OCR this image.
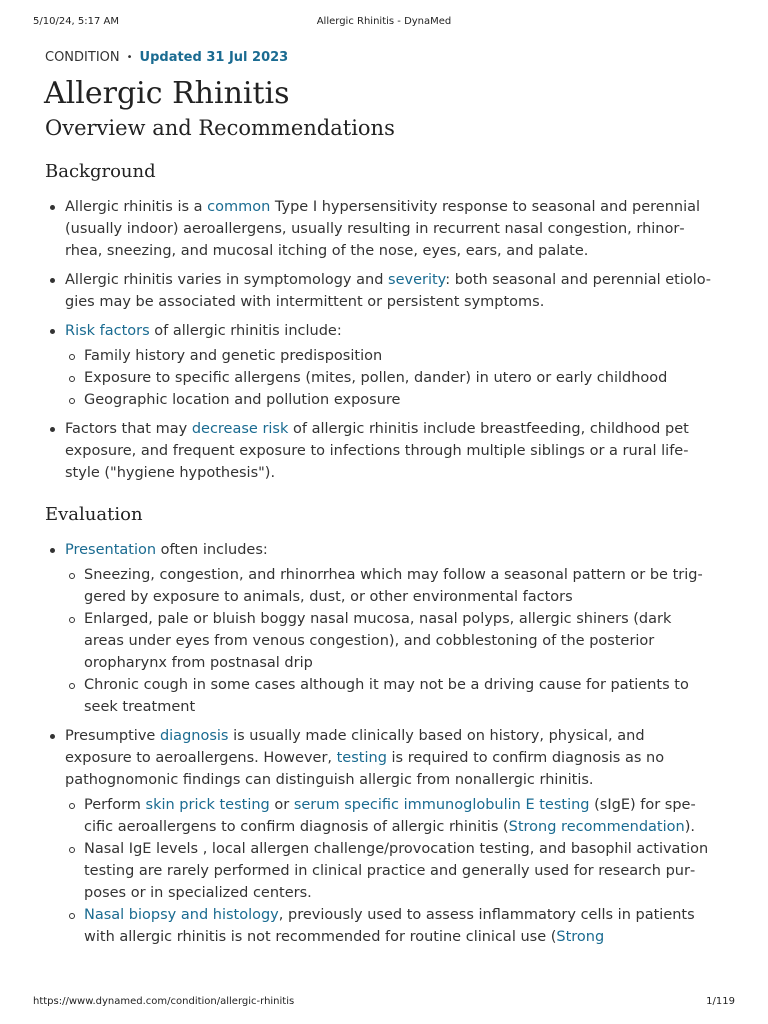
5/10/24, 5:17 AM	Allergic Rhinitis - DynaMed
CONDITION • Updated 31 Jul 2023
Allergic Rhinitis
Overview and Recommendations
Background
Allergic rhinitis is a common Type I hypersensitivity response to seasonal and perennial (usually indoor) aeroallergens, usually resulting in recurrent nasal congestion, rhinorrhea, sneezing, and mucosal itching of the nose, eyes, ears, and palate.
Allergic rhinitis varies in symptomology and severity: both seasonal and perennial etiologies may be associated with intermittent or persistent symptoms.
Risk factors of allergic rhinitis include:
Family history and genetic predisposition
Exposure to specific allergens (mites, pollen, dander) in utero or early childhood
Geographic location and pollution exposure
Factors that may decrease risk of allergic rhinitis include breastfeeding, childhood pet exposure, and frequent exposure to infections through multiple siblings or a rural lifestyle ("hygiene hypothesis").
Evaluation
Presentation often includes:
Sneezing, congestion, and rhinorrhea which may follow a seasonal pattern or be triggered by exposure to animals, dust, or other environmental factors
Enlarged, pale or bluish boggy nasal mucosa, nasal polyps, allergic shiners (dark areas under eyes from venous congestion), and cobblestoning of the posterior oropharynx from postnasal drip
Chronic cough in some cases although it may not be a driving cause for patients to seek treatment
Presumptive diagnosis is usually made clinically based on history, physical, and exposure to aeroallergens. However, testing is required to confirm diagnosis as no pathognomonic findings can distinguish allergic from nonallergic rhinitis.
Perform skin prick testing or serum specific immunoglobulin E testing (sIgE) for specific aeroallergens to confirm diagnosis of allergic rhinitis (Strong recommendation).
Nasal IgE levels , local allergen challenge/provocation testing, and basophil activation testing are rarely performed in clinical practice and generally used for research purposes or in specialized centers.
Nasal biopsy and histology, previously used to assess inflammatory cells in patients with allergic rhinitis is not recommended for routine clinical use (Strong
https://www.dynamed.com/condition/allergic-rhinitis	1/119
